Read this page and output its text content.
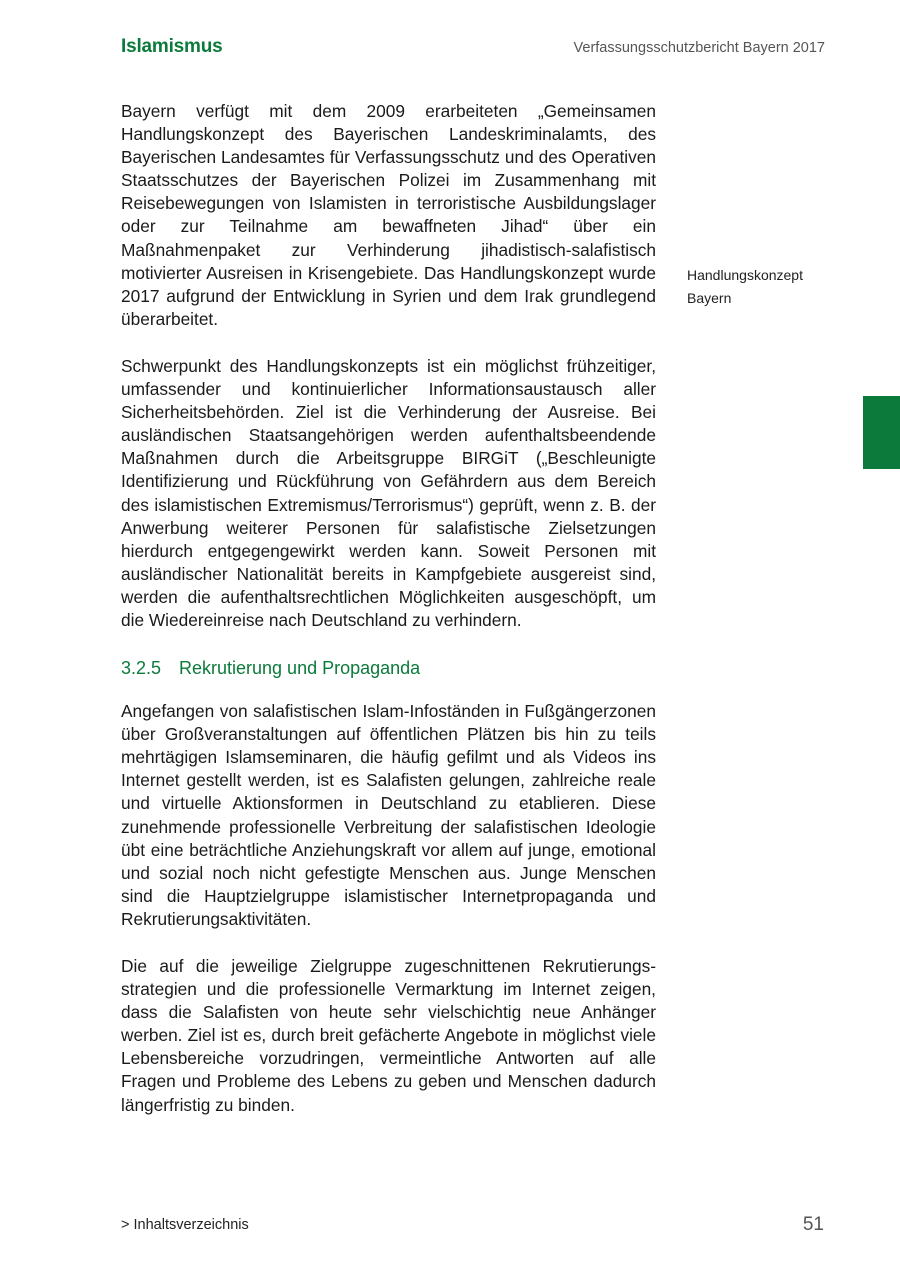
Islamismus	Verfassungsschutzbericht Bayern 2017

Bayern verfügt mit dem 2009 erarbeiteten „Gemeinsamen Handlungskonzept des Bayerischen Landeskriminalamts, des Bayerischen Landesamtes für Verfassungsschutz und des Operativen Staatsschutzes der Bayerischen Polizei im Zusammenhang mit Reisebewegungen von Islamisten in terroristische Ausbildungslager oder zur Teilnahme am bewaffneten Jihad“ über ein Maßnahmenpaket zur Verhinderung jihadistisch-salafistisch motivierter Ausreisen in Krisengebiete. Das Handlungskonzept wurde 2017 aufgrund der Entwicklung in Syrien und dem Irak grundlegend überarbeitet.

Schwerpunkt des Handlungskonzepts ist ein möglichst frühzeitiger, umfassender und kontinuierlicher Informationsaustausch aller Sicherheitsbehörden. Ziel ist die Verhinderung der Ausreise. Bei ausländischen Staatsangehörigen werden aufenthaltsbeendende Maßnahmen durch die Arbeitsgruppe BIRGiT („Beschleunigte Identifizierung und Rückführung von Gefährdern aus dem Bereich des islamistischen Extremismus/Terrorismus“) geprüft, wenn z. B. der Anwerbung weiterer Personen für salafistische Zielsetzungen hierdurch entgegengewirkt werden kann. Soweit Personen mit ausländischer Nationalität bereits in Kampfgebiete ausgereist sind, werden die aufenthaltsrechtlichen Möglichkeiten ausgeschöpft, um die Wiedereinreise nach Deutschland zu verhindern.

3.2.5 Rekrutierung und Propaganda

Angefangen von salafistischen Islam-Infoständen in Fußgängerzonen über Großveranstaltungen auf öffentlichen Plätzen bis hin zu teils mehrtägigen Islamseminaren, die häufig gefilmt und als Videos ins Internet gestellt werden, ist es Salafisten gelungen, zahlreiche reale und virtuelle Aktionsformen in Deutschland zu etablieren. Diese zunehmende professionelle Verbreitung der salafistischen Ideologie übt eine beträchtliche Anziehungskraft vor allem auf junge, emotional und sozial noch nicht gefestigte Menschen aus. Junge Menschen sind die Hauptzielgruppe islamistischer Internetpropaganda und Rekrutierungsaktivitäten.

Die auf die jeweilige Zielgruppe zugeschnittenen Rekrutierungsstrategien und die professionelle Vermarktung im Internet zeigen, dass die Salafisten von heute sehr vielschichtig neue Anhänger werben. Ziel ist es, durch breit gefächerte Angebote in möglichst viele Lebensbereiche vorzudringen, vermeintliche Antworten auf alle Fragen und Probleme des Lebens zu geben und Menschen dadurch längerfristig zu binden.

Handlungskonzept
Bayern
> Inhaltsverzeichnis	51
